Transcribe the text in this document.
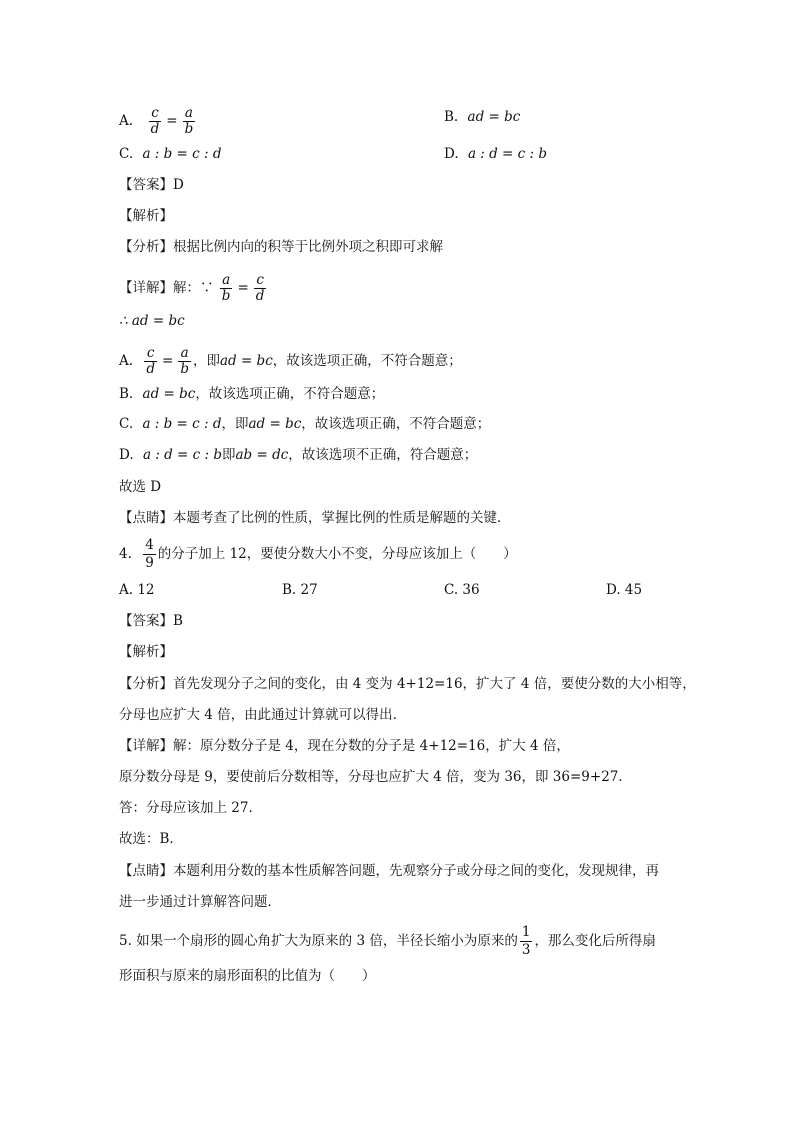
A. $\frac{c}{d} = \frac{a}{b}$	B. ad = bc
C. a : b = c : d	D. a : d = c : b
【答案】D
【解析】
【分析】根据比例内向的积等于比例外项之积即可求解
【详解】解：∵ $\frac{a}{b} = \frac{c}{d}$
∴ ad = bc
A. $\frac{c}{d} = \frac{a}{b}$ ，即ad = bc，故该选项正确，不符合题意；
B. ad = bc，故该选项正确，不符合题意；
C. a : b = c : d，即ad = bc，故该选项正确，不符合题意；
D. a : d = c : b即ab = dc，故该选项不正确，符合题意；
故选 D
【点睛】本题考查了比例的性质，掌握比例的性质是解题的关键．
4. $\frac{4}{9}$ 的分子加上 12，要使分数大小不变，分母应该加上（　　）
A. 12	B. 27	C. 36	D. 45
【答案】B
【解析】
【分析】首先发现分子之间的变化，由 4 变为 4+12=16，扩大了 4 倍，要使分数的大小相等，
分母也应扩大 4 倍，由此通过计算就可以得出．
【详解】解：原分数分子是 4，现在分数的分子是 4+12=16，扩大 4 倍，
原分数分母是 9，要使前后分数相等，分母也应扩大 4 倍，变为 36，即 36=9+27．
答：分母应该加上 27．
故选：B．
【点睛】本题利用分数的基本性质解答问题，先观察分子或分母之间的变化，发现规律，再
进一步通过计算解答问题．
5. 如果一个扇形的圆心角扩大为原来的 3 倍，半径长缩小为原来的 $\frac{1}{3}$ ，那么变化后所得扇
形面积与原来的扇形面积的比值为（　　）
